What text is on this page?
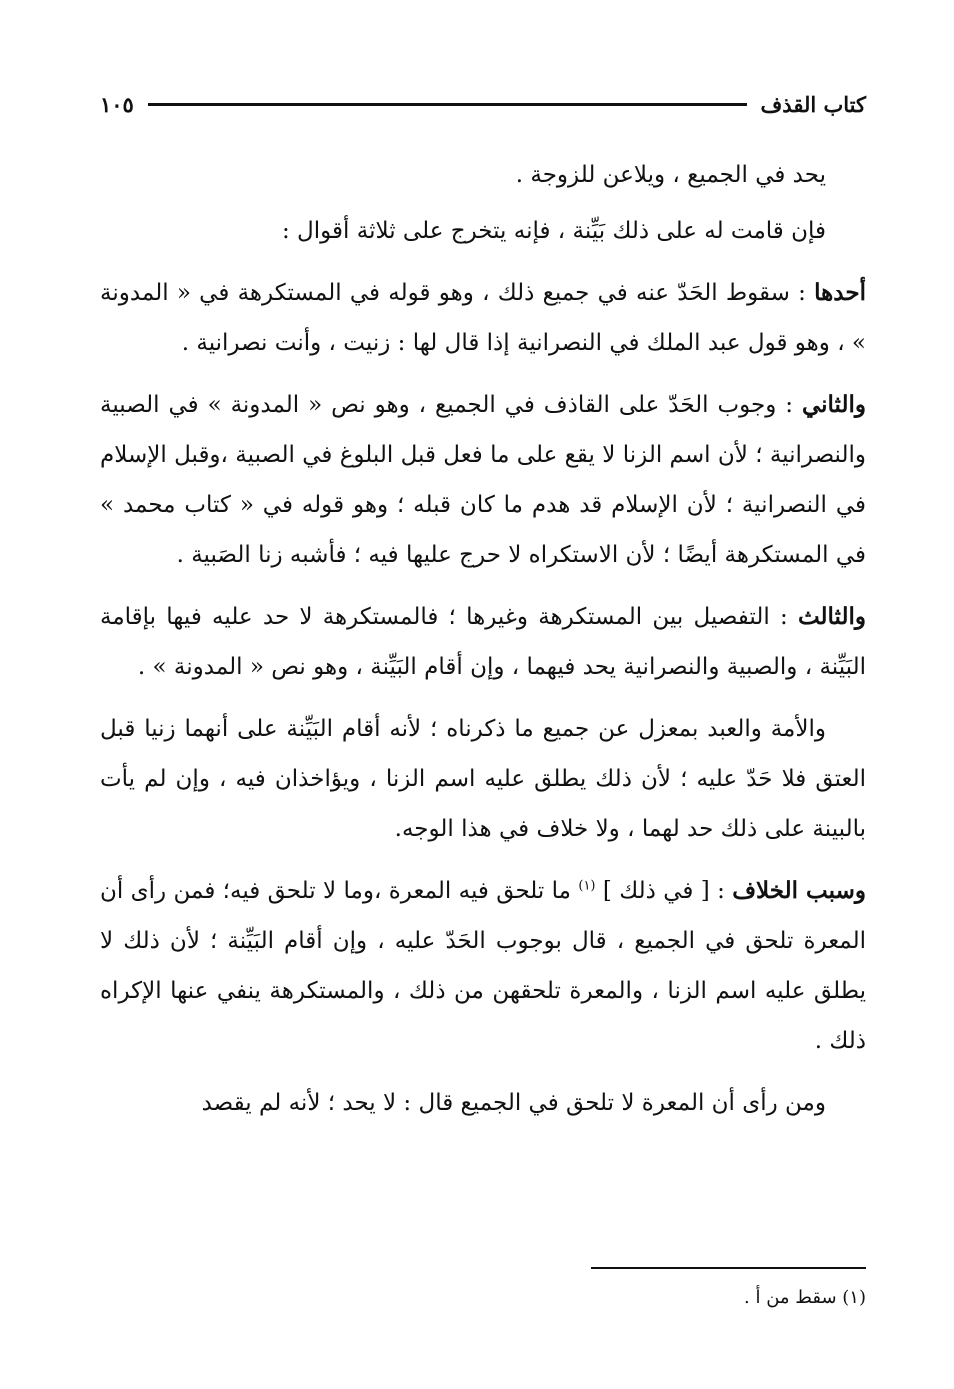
كتاب القذف
١٠٥

يحد في الجميع ، ويلاعن للزوجة .

فإن قامت له على ذلك بَيِّنة ، فإنه يتخرج على ثلاثة أقوال :

أحدها : سقوط الحَدّ عنه في جميع ذلك ، وهو قوله في المستكرهة في « المدونة » ، وهو قول عبد الملك في النصرانية إذا قال لها : زنيت ، وأنت نصرانية .

والثاني : وجوب الحَدّ على القاذف في الجميع ، وهو نص « المدونة » في الصبية والنصرانية ؛ لأن اسم الزنا لا يقع على ما فعل قبل البلوغ في الصبية ،وقبل الإسلام في النصرانية ؛ لأن الإسلام قد هدم ما كان قبله ؛ وهو قوله في « كتاب محمد » في المستكرهة أيضًا ؛ لأن الاستكراه لا حرج عليها فيه ؛ فأشبه زنا الصَبية .

والثالث : التفصيل بين المستكرهة وغيرها ؛ فالمستكرهة لا حد عليه فيها بإقامة البَيِّنة ، والصبية والنصرانية يحد فيهما ، وإن أقام البَيِّنة ، وهو نص « المدونة » .

والأمة والعبد بمعزل عن جميع ما ذكرناه ؛ لأنه أقام البَيِّنة على أنهما زنيا قبل العتق فلا حَدّ عليه ؛ لأن ذلك يطلق عليه اسم الزنا ، ويؤاخذان فيه ، وإن لم يأت بالبينة على ذلك حد لهما ، ولا خلاف في هذا الوجه.

وسبب الخلاف : [ في ذلك ] $^{(١)}$ ما تلحق فيه المعرة ،وما لا تلحق فيه؛ فمن رأى أن المعرة تلحق في الجميع ، قال بوجوب الحَدّ عليه ، وإن أقام البَيِّنة ؛ لأن ذلك لا يطلق عليه اسم الزنا ، والمعرة تلحقهن من ذلك ، والمستكرهة ينفي عنها الإكراه ذلك .

ومن رأى أن المعرة لا تلحق في الجميع قال : لا يحد ؛ لأنه لم يقصد

(١) سقط من أ .
